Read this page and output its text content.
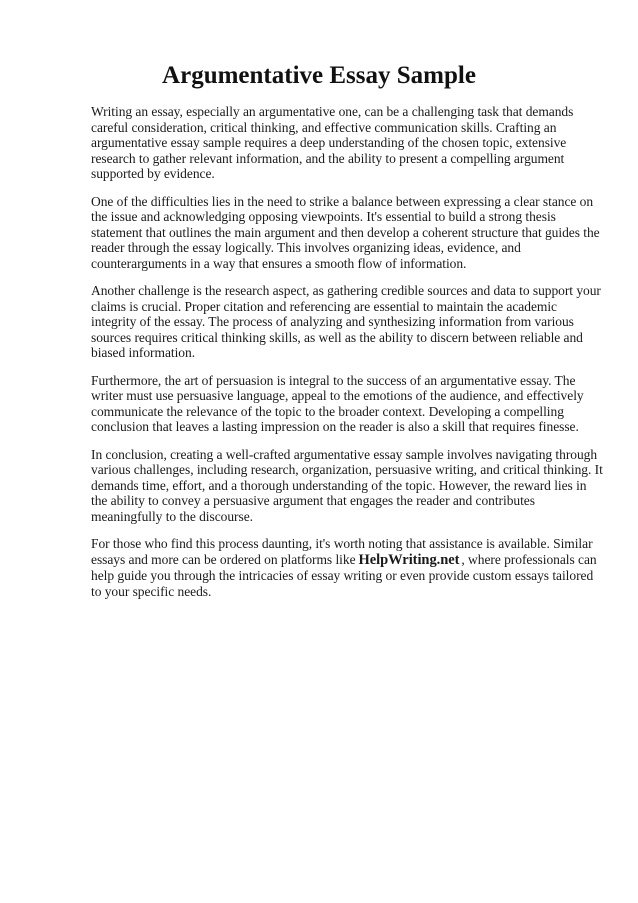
Argumentative Essay Sample

Writing an essay, especially an argumentative one, can be a challenging task that demands careful consideration, critical thinking, and effective communication skills. Crafting an argumentative essay sample requires a deep understanding of the chosen topic, extensive research to gather relevant information, and the ability to present a compelling argument supported by evidence.

One of the difficulties lies in the need to strike a balance between expressing a clear stance on the issue and acknowledging opposing viewpoints. It's essential to build a strong thesis statement that outlines the main argument and then develop a coherent structure that guides the reader through the essay logically. This involves organizing ideas, evidence, and counterarguments in a way that ensures a smooth flow of information.

Another challenge is the research aspect, as gathering credible sources and data to support your claims is crucial. Proper citation and referencing are essential to maintain the academic integrity of the essay. The process of analyzing and synthesizing information from various sources requires critical thinking skills, as well as the ability to discern between reliable and biased information.

Furthermore, the art of persuasion is integral to the success of an argumentative essay. The writer must use persuasive language, appeal to the emotions of the audience, and effectively communicate the relevance of the topic to the broader context. Developing a compelling conclusion that leaves a lasting impression on the reader is also a skill that requires finesse.

In conclusion, creating a well-crafted argumentative essay sample involves navigating through various challenges, including research, organization, persuasive writing, and critical thinking. It demands time, effort, and a thorough understanding of the topic. However, the reward lies in the ability to convey a persuasive argument that engages the reader and contributes meaningfully to the discourse.

For those who find this process daunting, it's worth noting that assistance is available. Similar essays and more can be ordered on platforms like HelpWriting.net , where professionals can help guide you through the intricacies of essay writing or even provide custom essays tailored to your specific needs.
